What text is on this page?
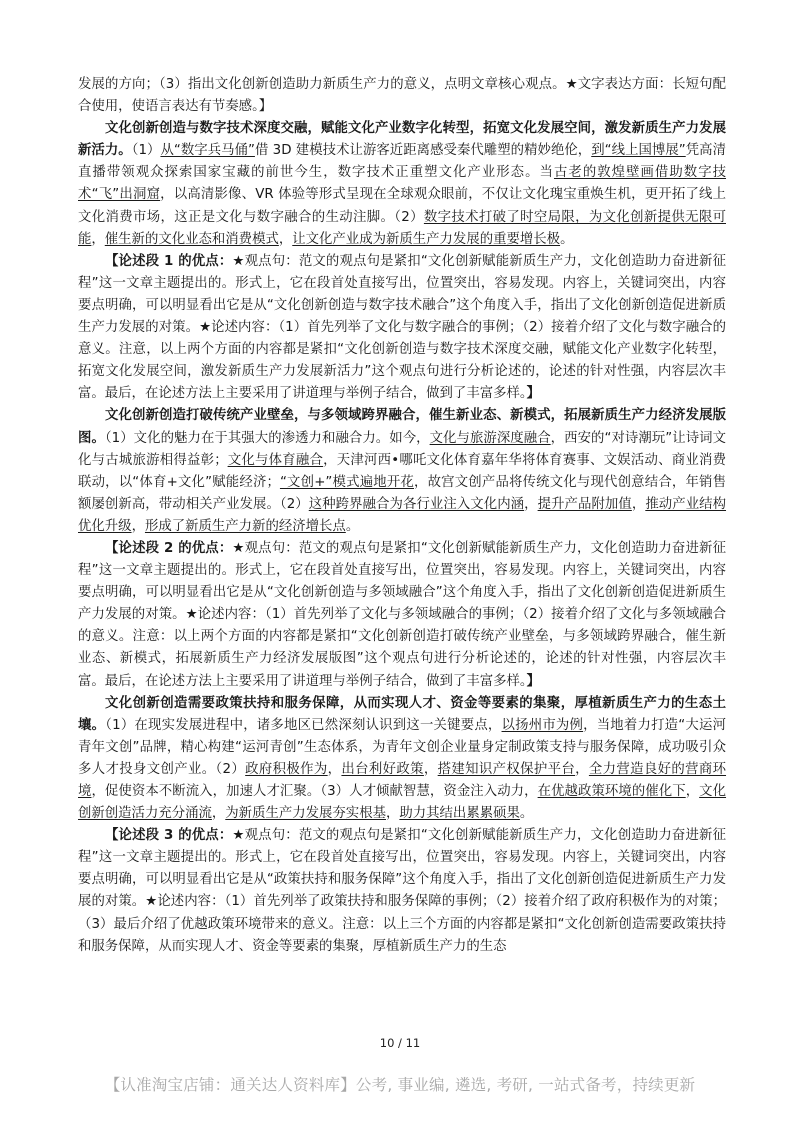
发展的方向；（3）指出文化创新创造助力新质生产力的意义，点明文章核心观点。★文字表达方面：长短句配合使用，使语言表达有节奏感。】

文化创新创造与数字技术深度交融，赋能文化产业数字化转型，拓宽文化发展空间，激发新质生产力发展新活力。（1）从“数字兵马俑”借 3D 建模技术让游客近距离感受秦代雕塑的精妙绝伦，到“线上国博展”凭高清直播带领观众探索国家宝藏的前世今生，数字技术正重塑文化产业形态。当古老的敦煌壁画借助数字技术“飞”出洞窟，以高清影像、VR 体验等形式呈现在全球观众眼前，不仅让文化瑰宝重焕生机，更开拓了线上文化消费市场，这正是文化与数字融合的生动注脚。（2）数字技术打破了时空局限，为文化创新提供无限可能，催生新的文化业态和消费模式，让文化产业成为新质生产力发展的重要增长极。

【论述段 1 的优点：★观点句：范文的观点句是紧扣“文化创新赋能新质生产力，文化创造助力奋进新征程”这一文章主题提出的。形式上，它在段首处直接写出，位置突出，容易发现。内容上，关键词突出，内容要点明确，可以明显看出它是从“文化创新创造与数字技术融合”这个角度入手，指出了文化创新创造促进新质生产力发展的对策。★论述内容：（1）首先列举了文化与数字融合的事例；（2）接着介绍了文化与数字融合的意义。注意，以上两个方面的内容都是紧扣“文化创新创造与数字技术深度交融，赋能文化产业数字化转型，拓宽文化发展空间，激发新质生产力发展新活力”这个观点句进行分析论述的，论述的针对性强，内容层次丰富。最后，在论述方法上主要采用了讲道理与举例子结合，做到了丰富多样。】

文化创新创造打破传统产业壁垒，与多领域跨界融合，催生新业态、新模式，拓展新质生产力经济发展版图。（1）文化的魅力在于其强大的渗透力和融合力。如今，文化与旅游深度融合，西安的“对诗潮玩”让诗词文化与古城旅游相得益彰；文化与体育融合，天津河西•哪吒文化体育嘉年华将体育赛事、文娱活动、商业消费联动，以“体育+文化”赋能经济；“文创+”模式遍地开花，故宫文创产品将传统文化与现代创意结合，年销售额屡创新高，带动相关产业发展。（2）这种跨界融合为各行业注入文化内涵，提升产品附加值，推动产业结构优化升级，形成了新质生产力新的经济增长点。

【论述段 2 的优点：★观点句：范文的观点句是紧扣“文化创新赋能新质生产力，文化创造助力奋进新征程”这一文章主题提出的。形式上，它在段首处直接写出，位置突出，容易发现。内容上，关键词突出，内容要点明确，可以明显看出它是从“文化创新创造与多领域融合”这个角度入手，指出了文化创新创造促进新质生产力发展的对策。★论述内容：（1）首先列举了文化与多领域融合的事例；（2）接着介绍了文化与多领域融合的意义。注意：以上两个方面的内容都是紧扣“文化创新创造打破传统产业壁垒，与多领域跨界融合，催生新业态、新模式，拓展新质生产力经济发展版图”这个观点句进行分析论述的，论述的针对性强，内容层次丰富。最后，在论述方法上主要采用了讲道理与举例子结合，做到了丰富多样。】

文化创新创造需要政策扶持和服务保障，从而实现人才、资金等要素的集聚，厚植新质生产力的生态土壤。（1）在现实发展进程中，诸多地区已然深刻认识到这一关键要点，以扬州市为例，当地着力打造“大运河青年文创”品牌，精心构建“运河青创”生态体系，为青年文创企业量身定制政策支持与服务保障，成功吸引众多人才投身文创产业。（2）政府积极作为，出台利好政策，搭建知识产权保护平台，全力营造良好的营商环境，促使资本不断流入，加速人才汇聚。（3）人才倾献智慧，资金注入动力，在优越政策环境的催化下，文化创新创造活力充分涌流，为新质生产力发展夯实根基，助力其结出累累硕果。

【论述段 3 的优点：★观点句：范文的观点句是紧扣“文化创新赋能新质生产力，文化创造助力奋进新征程”这一文章主题提出的。形式上，它在段首处直接写出，位置突出，容易发现。内容上，关键词突出，内容要点明确，可以明显看出它是从“政策扶持和服务保障”这个角度入手，指出了文化创新创造促进新质生产力发展的对策。★论述内容：（1）首先列举了政策扶持和服务保障的事例；（2）接着介绍了政府积极作为的对策；（3）最后介绍了优越政策环境带来的意义。注意：以上三个方面的内容都是紧扣“文化创新创造需要政策扶持和服务保障，从而实现人才、资金等要素的集聚，厚植新质生产力的生态

10 / 11
【认准淘宝店铺：通关达人资料库】公考, 事业编, 遴选, 考研, 一站式备考，持续更新
